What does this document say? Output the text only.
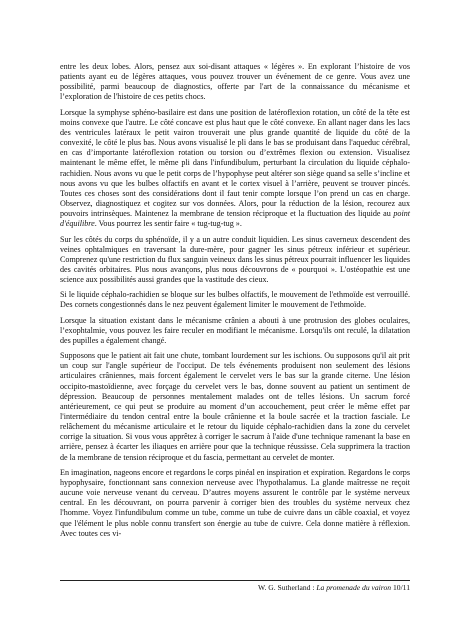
entre les deux lobes. Alors, pensez aux soi-disant attaques « légères ». En explorant l’histoire de vos patients ayant eu de légères attaques, vous pouvez trouver un événement de ce genre. Vous avez une possibilité, parmi beaucoup de diagnostics, offerte par l'art de la connaissance du mécanisme et l’exploration de l'histoire de ces petits chocs.

Lorsque la symphyse sphéno-basilaire est dans une position de latéroflexion rotation, un côté de la tête est moins convexe que l'autre. Le côté concave est plus haut que le côté convexe. En allant nager dans les lacs des ventricules latéraux le petit vairon trouverait une plus grande quantité de liquide du côté de la convexité, le côté le plus bas. Nous avons visualisé le pli dans le bas se produisant dans l'aqueduc cérébral, en cas d’importante latéroflexion rotation ou torsion ou d’extrêmes flexion ou extension. Visualisez maintenant le même effet, le même pli dans l'infundibulum, perturbant la circulation du liquide céphalo-rachidien. Nous avons vu que le petit corps de l’hypophyse peut altérer son siège quand sa selle s’incline et nous avons vu que les bulbes olfactifs en avant et le cortex visuel à l’arrière, peuvent se trouver pincés. Toutes ces choses sont des considérations dont il faut tenir compte lorsque l’on prend un cas en charge. Observez, diagnostiquez et cogitez sur vos données. Alors, pour la réduction de la lésion, recourez aux pouvoirs intrinsèques. Maintenez la membrane de tension réciproque et la fluctuation des liquide au point d'équilibre. Vous pourrez les sentir faire « tug-tug-tug ».

Sur les côtés du corps du sphénoïde, il y a un autre conduit liquidien. Les sinus caverneux descendent des veines ophtalmiques en traversant la dure-mère, pour gagner les sinus pétreux inférieur et supérieur. Comprenez qu'une restriction du flux sanguin veineux dans les sinus pétreux pourrait influencer les liquides des cavités orbitaires. Plus nous avançons, plus nous découvrons de « pourquoi ». L'ostéopathie est une science aux possibilités aussi grandes que la vastitude des cieux.

Si le liquide céphalo-rachidien se bloque sur les bulbes olfactifs, le mouvement de l'ethmoïde est verrouillé. Des cornets congestionnés dans le nez peuvent également limiter le mouvement de l'ethmoïde.

Lorsque la situation existant dans le mécanisme crânien a abouti à une protrusion des globes oculaires, l’exophtalmie, vous pouvez les faire reculer en modifiant le mécanisme. Lorsqu'ils ont reculé, la dilatation des pupilles a également changé.

Supposons que le patient ait fait une chute, tombant lourdement sur les ischions. Ou supposons qu'il ait prit un coup sur l'angle supérieur de l'occiput. De tels événements produisent non seulement des lésions articulaires crâniennes, mais forcent également le cervelet vers le bas sur la grande citerne. Une lésion occipito-mastoïdienne, avec forçage du cervelet vers le bas, donne souvent au patient un sentiment de dépression. Beaucoup de personnes mentalement malades ont de telles lésions. Un sacrum forcé antérieurement, ce qui peut se produire au moment d’un accouchement, peut créer le même effet par l'intermédiaire du tendon central entre la boule crânienne et la boule sacrée et la traction fasciale. Le relâchement du mécanisme articulaire et le retour du liquide céphalo-rachidien dans la zone du cervelet corrige la situation. Si vous vous apprêtez à corriger le sacrum à l'aide d'une technique ramenant la base en arrière, pensez à écarter les iliaques en arrière pour que la technique réussisse. Cela supprimera la traction de la membrane de tension réciproque et du fascia, permettant au cervelet de monter.

En imagination, nageons encore et regardons le corps pinéal en inspiration et expiration. Regardons le corps hypophysaire, fonctionnant sans connexion nerveuse avec l'hypothalamus. La glande maîtresse ne reçoit aucune voie nerveuse venant du cerveau. D’autres moyens assurent le contrôle par le système nerveux central. En les découvrant, on pourra parvenir à corriger bien des troubles du système nerveux chez l'homme. Voyez l'infundibulum comme un tube, comme un tube de cuivre dans un câble coaxial, et voyez que l'élément le plus noble connu transfert son énergie au tube de cuivre. Cela donne matière à réflexion. Avec toutes ces vi-

W. G. Sutherland : La promenade du vairon 10/11
